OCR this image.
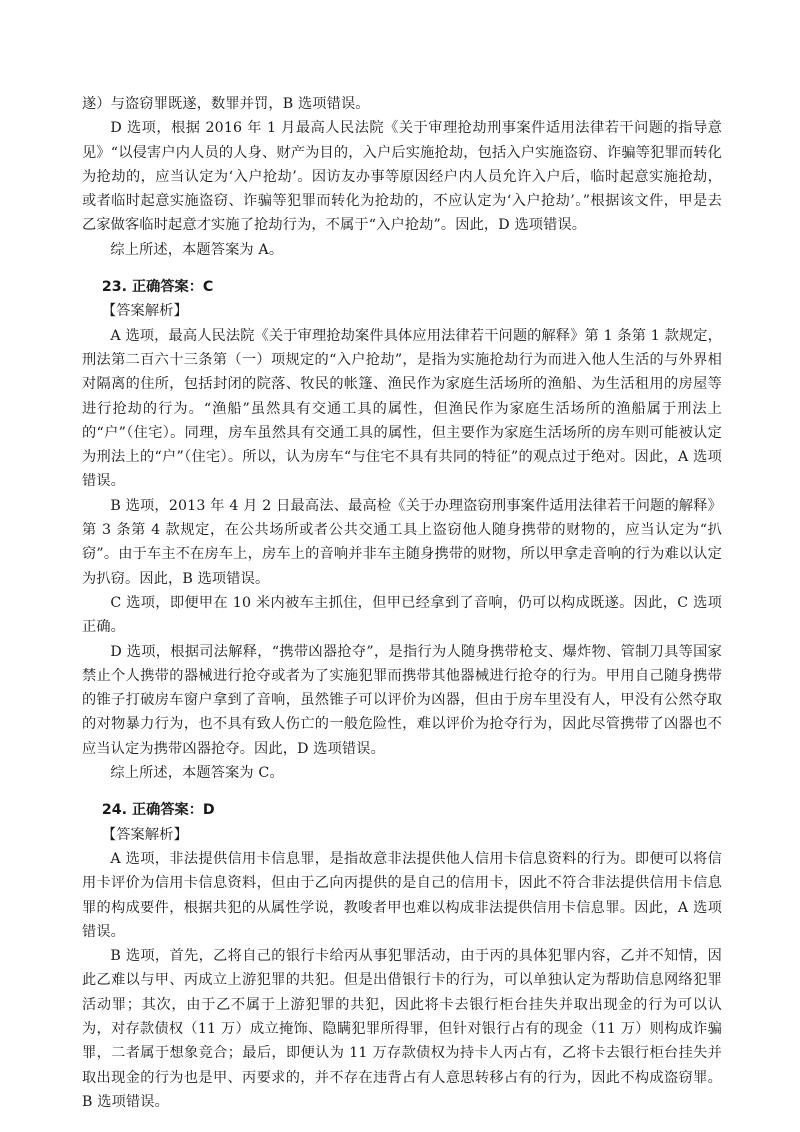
遂）与盗窃罪既遂，数罪并罚，B 选项错误。

D 选项，根据 2016 年 1 月最高人民法院《关于审理抢劫刑事案件适用法律若干问题的指导意见》“以侵害户内人员的人身、财产为目的，入户后实施抢劫，包括入户实施盗窃、诈骗等犯罪而转化为抢劫的，应当认定为‘入户抢劫’。因访友办事等原因经户内人员允许入户后，临时起意实施抢劫，或者临时起意实施盗窃、诈骗等犯罪而转化为抢劫的，不应认定为‘入户抢劫’。”根据该文件，甲是去乙家做客临时起意才实施了抢劫行为，不属于“入户抢劫”。因此，D 选项错误。

综上所述，本题答案为 A。

23. 正确答案：C

【答案解析】

A 选项，最高人民法院《关于审理抢劫案件具体应用法律若干问题的解释》第 1 条第 1 款规定，刑法第二百六十三条第（一）项规定的“入户抢劫”，是指为实施抢劫行为而进入他人生活的与外界相对隔离的住所，包括封闭的院落、牧民的帐篷、渔民作为家庭生活场所的渔船、为生活租用的房屋等进行抢劫的行为。“渔船”虽然具有交通工具的属性，但渔民作为家庭生活场所的渔船属于刑法上的“户”（住宅）。同理，房车虽然具有交通工具的属性，但主要作为家庭生活场所的房车则可能被认定为刑法上的“户”（住宅）。所以，认为房车“与住宅不具有共同的特征”的观点过于绝对。因此，A 选项错误。

B 选项，2013 年 4 月 2 日最高法、最高检《关于办理盗窃刑事案件适用法律若干问题的解释》第 3 条第 4 款规定，在公共场所或者公共交通工具上盗窃他人随身携带的财物的，应当认定为“扒窃”。由于车主不在房车上，房车上的音响并非车主随身携带的财物，所以甲拿走音响的行为难以认定为扒窃。因此，B 选项错误。

C 选项，即便甲在 10 米内被车主抓住，但甲已经拿到了音响，仍可以构成既遂。因此，C 选项正确。

D 选项，根据司法解释，“携带凶器抢夺”，是指行为人随身携带枪支、爆炸物、管制刀具等国家禁止个人携带的器械进行抢夺或者为了实施犯罪而携带其他器械进行抢夺的行为。甲用自己随身携带的锥子打破房车窗户拿到了音响，虽然锥子可以评价为凶器，但由于房车里没有人，甲没有公然夺取的对物暴力行为，也不具有致人伤亡的一般危险性，难以评价为抢夺行为，因此尽管携带了凶器也不应当认定为携带凶器抢夺。因此，D 选项错误。

综上所述，本题答案为 C。

24. 正确答案：D

【答案解析】

A 选项，非法提供信用卡信息罪，是指故意非法提供他人信用卡信息资料的行为。即便可以将信用卡评价为信用卡信息资料，但由于乙向丙提供的是自己的信用卡，因此不符合非法提供信用卡信息罪的构成要件，根据共犯的从属性学说，教唆者甲也难以构成非法提供信用卡信息罪。因此，A 选项错误。

B 选项，首先，乙将自己的银行卡给丙从事犯罪活动，由于丙的具体犯罪内容，乙并不知情，因此乙难以与甲、丙成立上游犯罪的共犯。但是出借银行卡的行为，可以单独认定为帮助信息网络犯罪活动罪；其次，由于乙不属于上游犯罪的共犯，因此将卡去银行柜台挂失并取出现金的行为可以认为，对存款债权（11 万）成立掩饰、隐瞒犯罪所得罪，但针对银行占有的现金（11 万）则构成诈骗罪，二者属于想象竞合；最后，即便认为 11 万存款债权为持卡人丙占有，乙将卡去银行柜台挂失并取出现金的行为也是甲、丙要求的，并不存在违背占有人意思转移占有的行为，因此不构成盗窃罪。B 选项错误。
